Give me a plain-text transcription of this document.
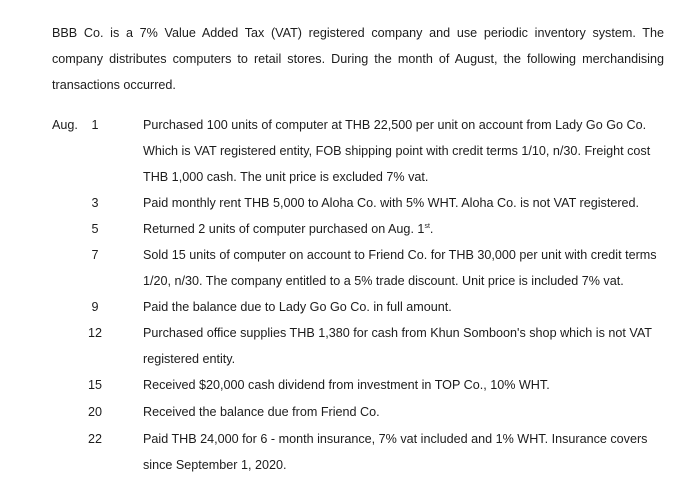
BBB Co. is a 7% Value Added Tax (VAT) registered company and use periodic inventory system. The company distributes computers to retail stores. During the month of August, the following merchandising transactions occurred.

Aug.	1	Purchased 100 units of computer at THB 22,500 per unit on account from Lady Go Go Co.
Which is VAT registered entity, FOB shipping point with credit terms 1/10, n/30. Freight cost
THB 1,000 cash. The unit price is excluded 7% vat.
3	Paid monthly rent THB 5,000 to Aloha Co. with 5% WHT. Aloha Co. is not VAT registered.
5	Returned 2 units of computer purchased on Aug. 1st.
7	Sold 15 units of computer on account to Friend Co. for THB 30,000 per unit with credit terms
1/20, n/30. The company entitled to a 5% trade discount. Unit price is included 7% vat.
9	Paid the balance due to Lady Go Go Co. in full amount.
12	Purchased office supplies THB 1,380 for cash from Khun Somboon's shop which is not VAT
registered entity.
15	Received $20,000 cash dividend from investment in TOP Co., 10% WHT.
20	Received the balance due from Friend Co.
22	Paid THB 24,000 for 6 - month insurance, 7% vat included and 1% WHT. Insurance covers
since September 1, 2020.
